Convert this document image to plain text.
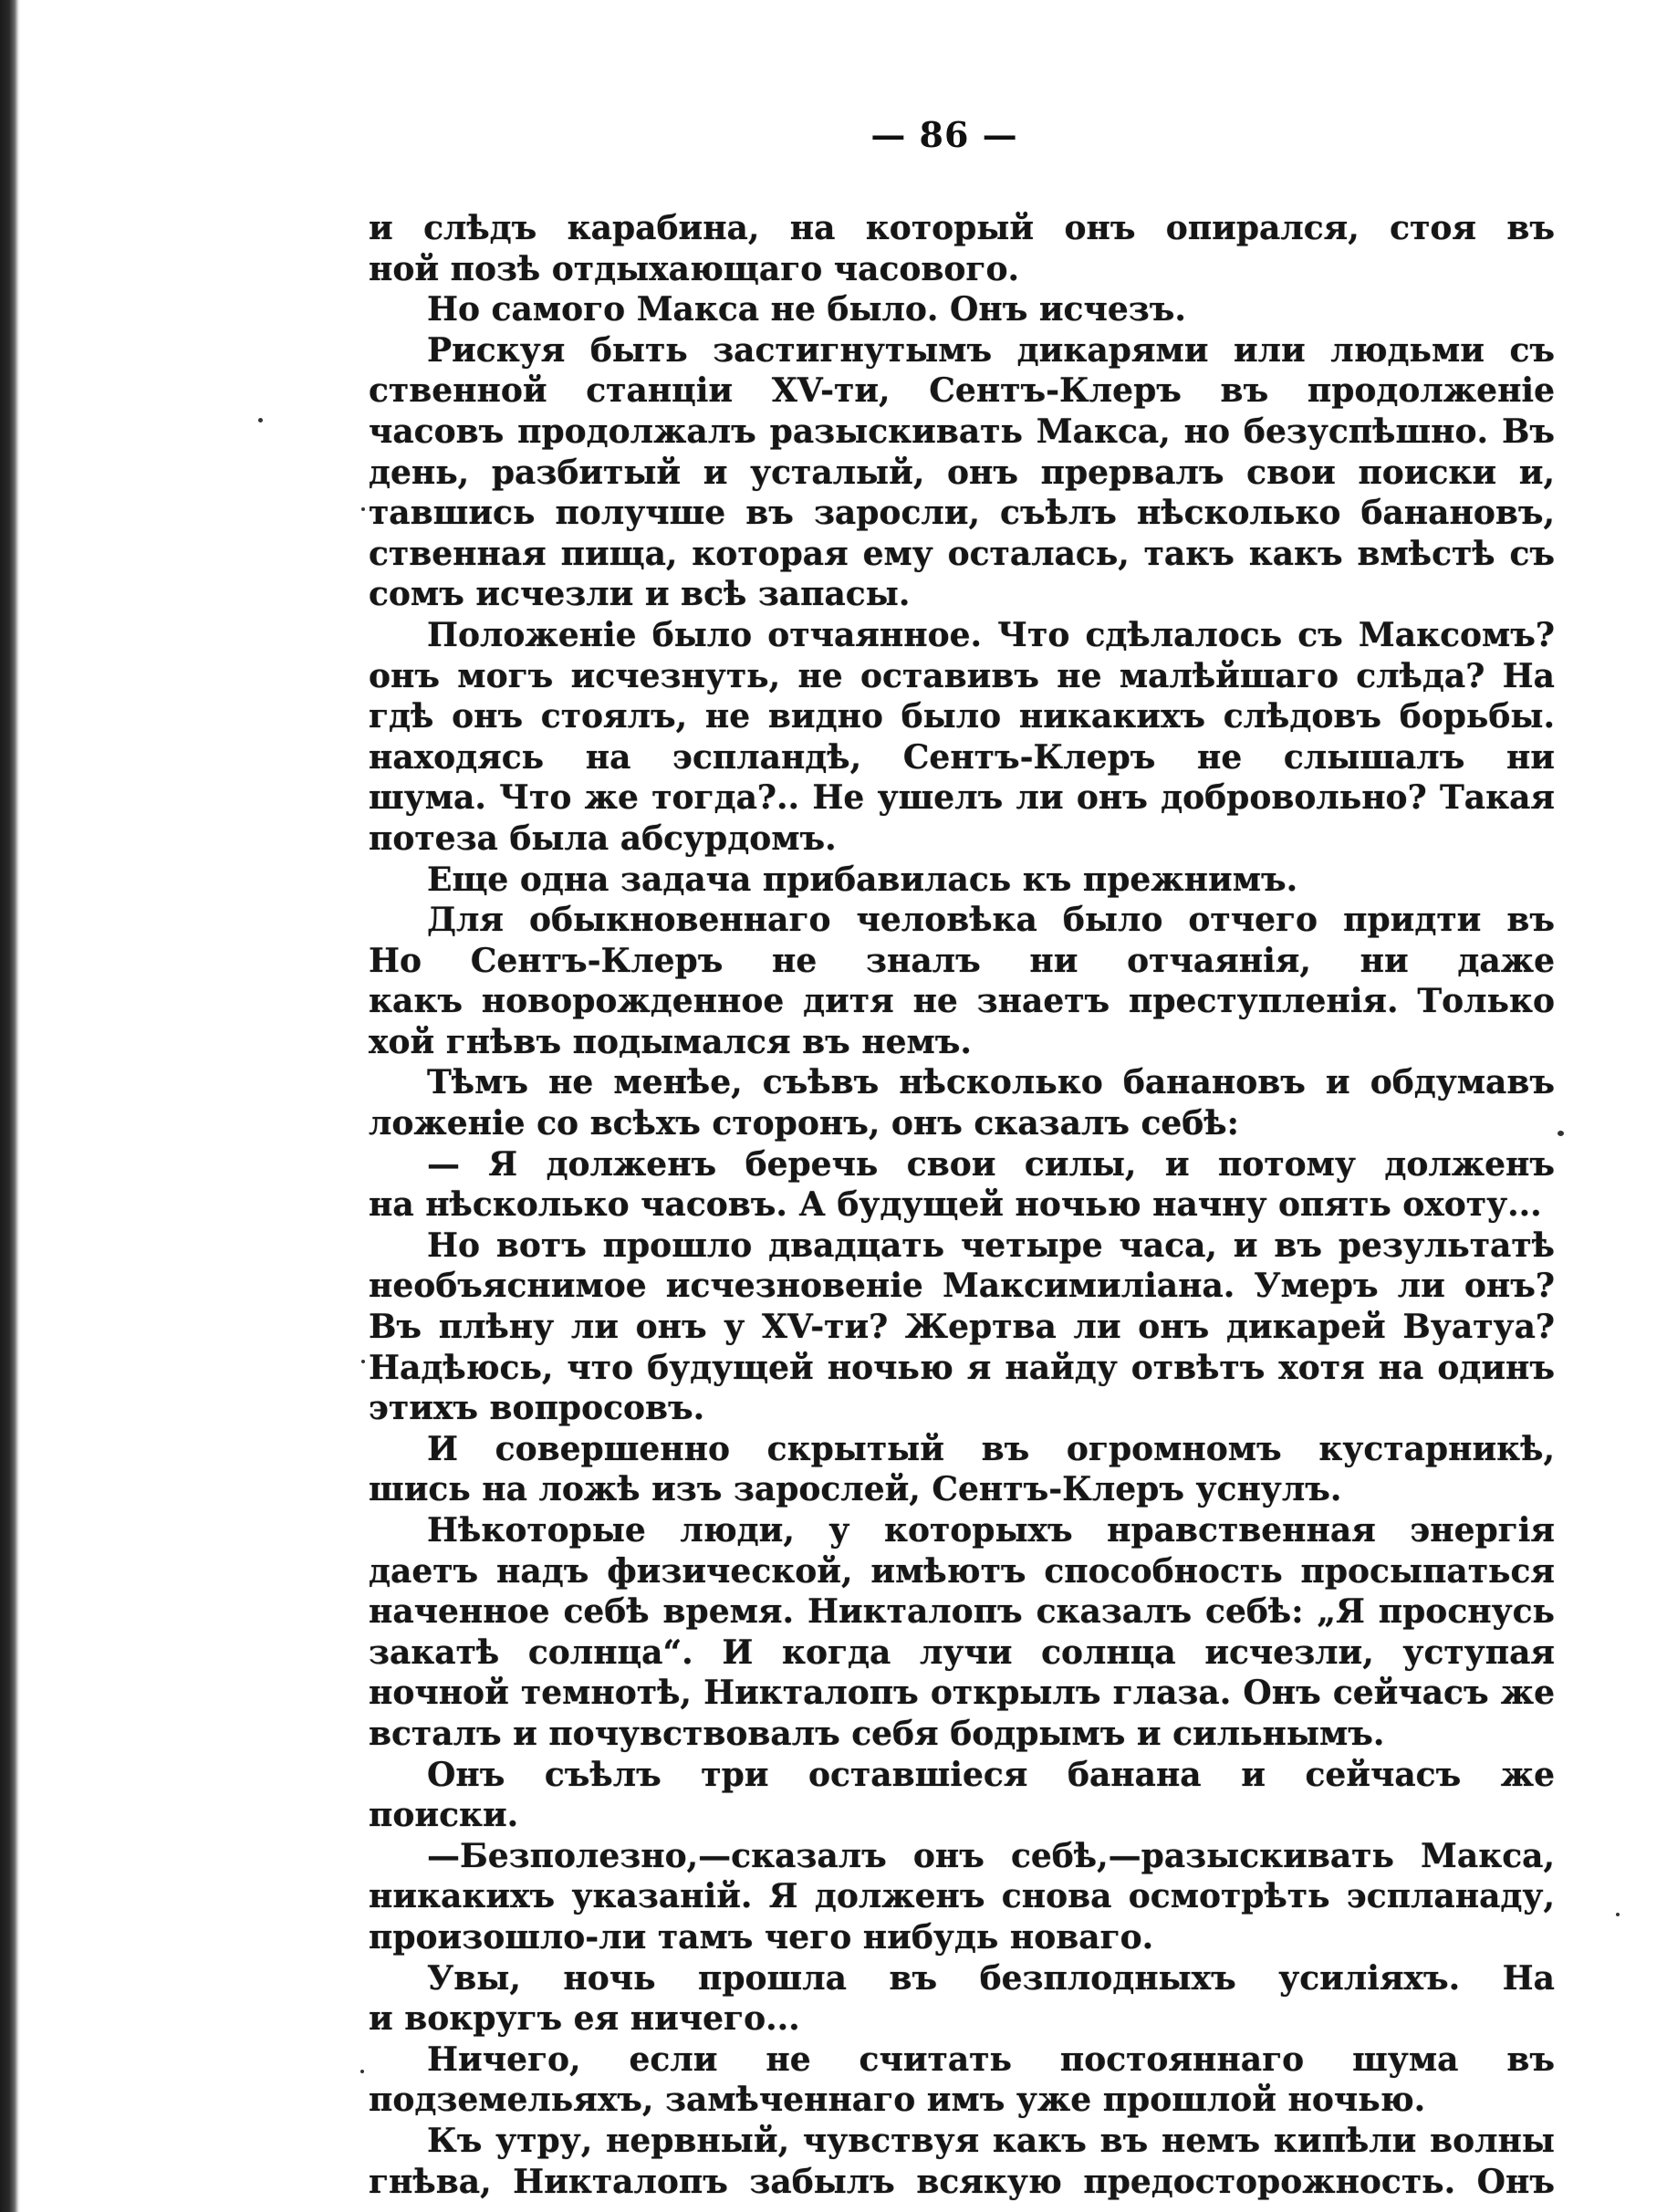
— 86 —
и слѣдъ карабина, на который онъ опирался, стоя въ
ной позѣ отдыхающаго часового.
Но самого Макса не было. Онъ исчезъ.
Рискуя быть застигнутымъ дикарями или людьми съ
ственной станціи XV-ти, Сентъ-Клеръ въ продолженіе
часовъ продолжалъ разыскивать Макса, но безуспѣшно. Въ
день, разбитый и усталый, онъ прервалъ свои поиски и,
тавшись получше въ заросли, съѣлъ нѣсколько банановъ,
ственная пища, которая ему осталась, такъ какъ вмѣстѣ съ
сомъ исчезли и всѣ запасы.
Положеніе было отчаянное. Что сдѣлалось съ Максомъ?
онъ могъ исчезнуть, не оставивъ не малѣйшаго слѣда? На
гдѣ онъ стоялъ, не видно было никакихъ слѣдовъ борьбы.
находясь на эспландѣ, Сентъ-Клеръ не слышалъ ни
шума. Что же тогда?.. Не ушелъ ли онъ добровольно? Такая
потеза была абсурдомъ.
Еще одна задача прибавилась къ прежнимъ.
Для обыкновеннаго человѣка было отчего придти въ
Но Сентъ-Клеръ не зналъ ни отчаянія, ни даже
какъ новорожденное дитя не знаетъ преступленія. Только
хой гнѣвъ подымался въ немъ.
Тѣмъ не менѣе, съѣвъ нѣсколько банановъ и обдумавъ
ложеніе со всѣхъ сторонъ, онъ сказалъ себѣ:
— Я долженъ беречь свои силы, и потому долженъ
на нѣсколько часовъ. А будущей ночью начну опять охоту...
Но вотъ прошло двадцать четыре часа, и въ результатѣ
необъяснимое исчезновеніе Максимиліана. Умеръ ли онъ?
Въ плѣну ли онъ у XV-ти? Жертва ли онъ дикарей Вуатуа?
Надѣюсь, что будущей ночью я найду отвѣтъ хотя на одинъ
этихъ вопросовъ.
И совершенно скрытый въ огромномъ кустарникѣ,
шись на ложѣ изъ зарослей, Сентъ-Клеръ уснулъ.
Нѣкоторые люди, у которыхъ нравственная энергія
даетъ надъ физической, имѣютъ способность просыпаться
наченное себѣ время. Никталопъ сказалъ себѣ: „Я проснусь
закатѣ солнца“. И когда лучи солнца исчезли, уступая
ночной темнотѣ, Никталопъ открылъ глаза. Онъ сейчасъ же
всталъ и почувствовалъ себя бодрымъ и сильнымъ.
Онъ съѣлъ три оставшіеся банана и сейчасъ же
поиски.
—Безполезно,—сказалъ онъ себѣ,—разыскивать Макса,
никакихъ указаній. Я долженъ снова осмотрѣть эспланаду,
произошло-ли тамъ чего нибудь новаго.
Увы, ночь прошла въ безплодныхъ усиліяхъ. На
и вокругъ ея ничего...
Ничего, если не считать постояннаго шума въ
подземельяхъ, замѣченнаго имъ уже прошлой ночью.
Къ утру, нервный, чувствуя какъ въ немъ кипѣли волны
гнѣва, Никталопъ забылъ всякую предосторожность. Онъ
